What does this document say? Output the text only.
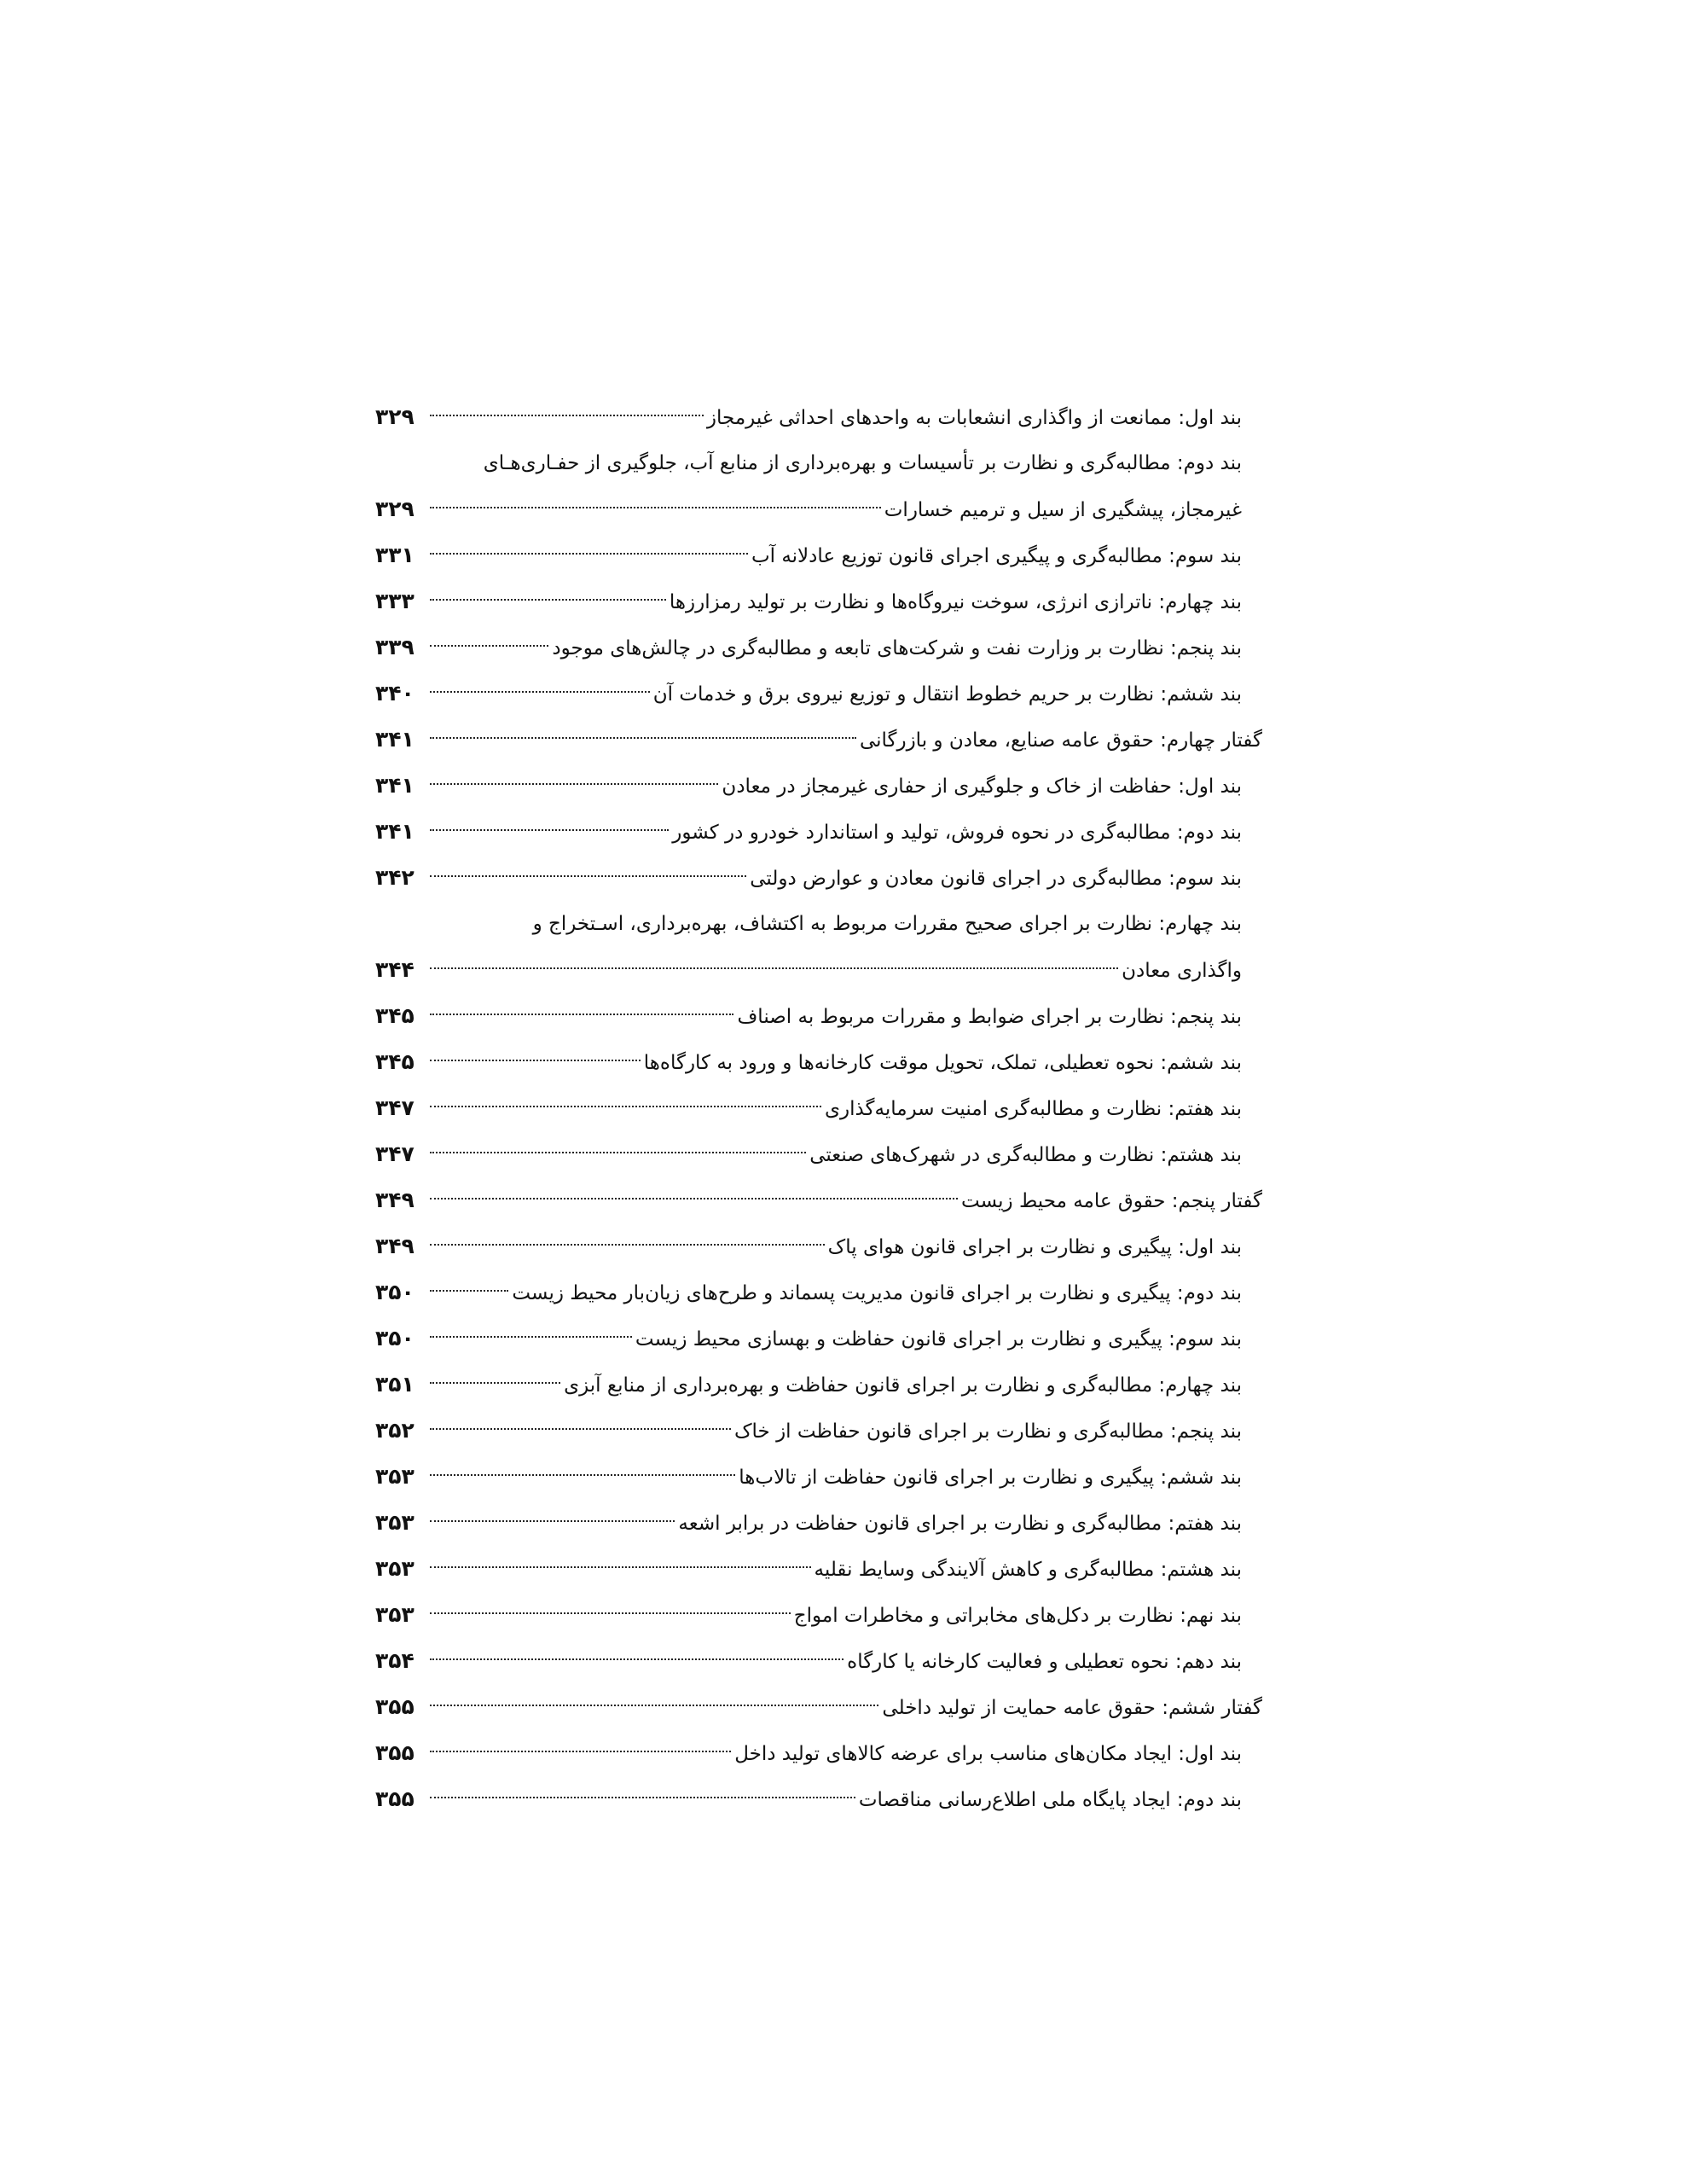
بند اول: ممانعت از واگذاری انشعابات به واحدهای احداثی غیرمجاز
۳۲۹
بند دوم: مطالبه‌گری و نظارت بر تأسیسات و بهره‌برداری از منابع آب، جلوگیری از حفـاری‌هـای
غیرمجاز، پیشگیری از سیل و ترمیم خسارات
۳۲۹
بند سوم: مطالبه‌گری و پیگیری اجرای قانون توزیع عادلانه آب
۳۳۱
بند چهارم: ناترازی انرژی، سوخت نیروگاه‌ها و نظارت بر تولید رمزارزها
۳۳۳
بند پنجم: نظارت بر وزارت نفت و شرکت‌های تابعه و مطالبه‌گری در چالش‌های موجود
۳۳۹
بند ششم: نظارت بر حریم خطوط انتقال و توزیع نیروی برق و خدمات آن
۳۴۰
گفتار چهارم: حقوق عامه صنایع، معادن و بازرگانی
۳۴۱
بند اول: حفاظت از خاک و جلوگیری از حفاری غیرمجاز در معادن
۳۴۱
بند دوم: مطالبه‌گری در نحوه فروش، تولید و استاندارد خودرو در کشور
۳۴۱
بند سوم: مطالبه‌گری در اجرای قانون معادن و عوارض دولتی
۳۴۲
بند چهارم: نظارت بر اجرای صحیح مقررات مربوط به اکتشاف، بهره‌برداری، اسـتخراج و
واگذاری معادن
۳۴۴
بند پنجم: نظارت بر اجرای ضوابط و مقررات مربوط به اصناف
۳۴۵
بند ششم: نحوه تعطیلی، تملک، تحویل موقت کارخانه‌ها و ورود به کارگاه‌ها
۳۴۵
بند هفتم: نظارت و مطالبه‌گری امنیت سرمایه‌گذاری
۳۴۷
بند هشتم: نظارت و مطالبه‌گری در شهرک‌های صنعتی
۳۴۷
گفتار پنجم: حقوق عامه محیط زیست
۳۴۹
بند اول: پیگیری و نظارت بر اجرای قانون هوای پاک
۳۴۹
بند دوم: پیگیری و نظارت بر اجرای قانون مدیریت پسماند و طرح‌های زیان‌بار محیط زیست
۳۵۰
بند سوم: پیگیری و نظارت بر اجرای قانون حفاظت و بهسازی محیط زیست
۳۵۰
بند چهارم: مطالبه‌گری و نظارت بر اجرای قانون حفاظت و بهره‌برداری از منابع آبزی
۳۵۱
بند پنجم: مطالبه‌گری و نظارت بر اجرای قانون حفاظت از خاک
۳۵۲
بند ششم: پیگیری و نظارت بر اجرای قانون حفاظت از تالاب‌ها
۳۵۳
بند هفتم: مطالبه‌گری و نظارت بر اجرای قانون حفاظت در برابر اشعه
۳۵۳
بند هشتم: مطالبه‌گری و کاهش آلایندگی وسایط نقلیه
۳۵۳
بند نهم: نظارت بر دکل‌های مخابراتی و مخاطرات امواج
۳۵۳
بند دهم: نحوه تعطیلی و فعالیت کارخانه یا کارگاه
۳۵۴
گفتار ششم: حقوق عامه حمایت از تولید داخلی
۳۵۵
بند اول: ایجاد مکان‌های مناسب برای عرضه کالاهای تولید داخل
۳۵۵
بند دوم: ایجاد پایگاه ملی اطلاع‌رسانی مناقصات
۳۵۵
